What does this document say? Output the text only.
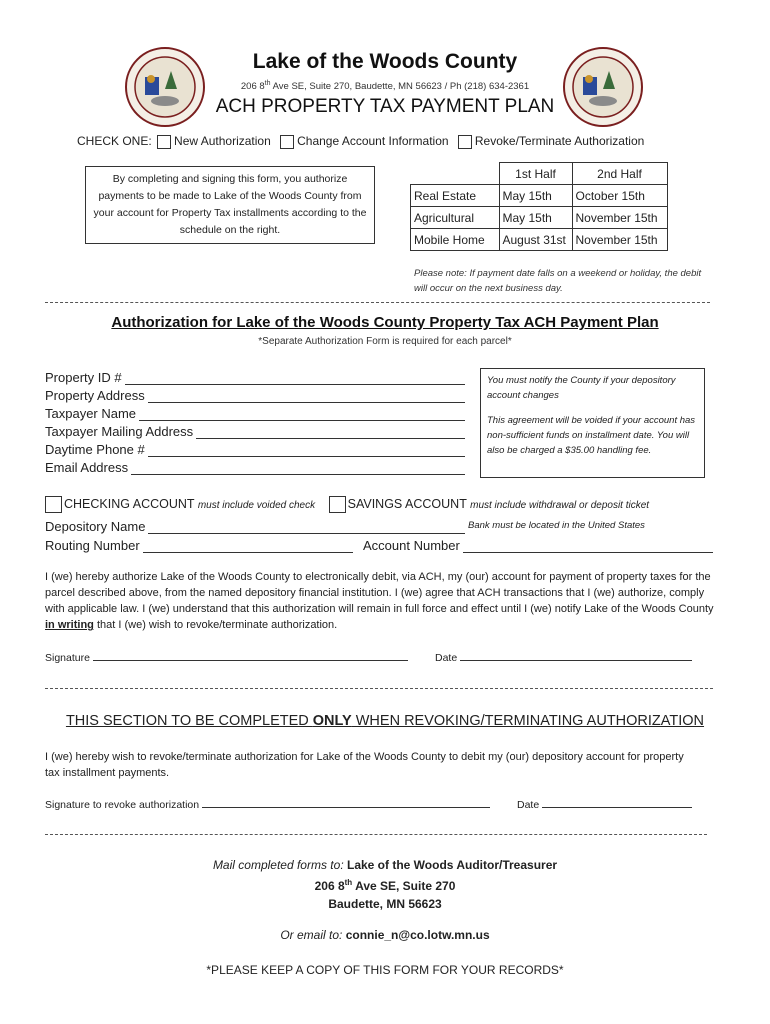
Lake of the Woods County
206 8th Ave SE, Suite 270, Baudette, MN 56623 / Ph (218) 634-2361
ACH PROPERTY TAX PAYMENT PLAN
CHECK ONE: New Authorization Change Account Information Revoke/Terminate Authorization
By completing and signing this form, you authorize payments to be made to Lake of the Woods County from your account for Property Tax installments according to the schedule on the right.
	1st Half	2nd Half
Real Estate	May 15th	October 15th
Agricultural	May 15th	November 15th
Mobile Home	August 31st	November 15th
Please note: If payment date falls on a weekend or holiday, the debit will occur on the next business day.
Authorization for Lake of the Woods County Property Tax ACH Payment Plan
*Separate Authorization Form is required for each parcel*
Property ID #
Property Address
Taxpayer Name
Taxpayer Mailing Address
Daytime Phone #
Email Address
You must notify the County if your depository account changes
This agreement will be voided if your account has non-sufficient funds on installment date. You will also be charged a $35.00 handling fee.
CHECKING ACCOUNT must include voided check	SAVINGS ACCOUNT must include withdrawal or deposit ticket
Depository Name	Bank must be located in the United States
Routing Number	Account Number
I (we) hereby authorize Lake of the Woods County to electronically debit, via ACH, my (our) account for payment of property taxes for the parcel described above, from the named depository financial institution. I (we) agree that ACH transactions that I (we) authorize, comply with applicable law. I (we) understand that this authorization will remain in full force and effect until I (we) notify Lake of the Woods County in writing that I (we) wish to revoke/terminate authorization.
Signature	Date
THIS SECTION TO BE COMPLETED ONLY WHEN REVOKING/TERMINATING AUTHORIZATION
I (we) hereby wish to revoke/terminate authorization for Lake of the Woods County to debit my (our) depository account for property tax installment payments.
Signature to revoke authorization	Date
Mail completed forms to: Lake of the Woods Auditor/Treasurer
206 8th Ave SE, Suite 270
Baudette, MN 56623
Or email to: connie_n@co.lotw.mn.us
*PLEASE KEEP A COPY OF THIS FORM FOR YOUR RECORDS*
